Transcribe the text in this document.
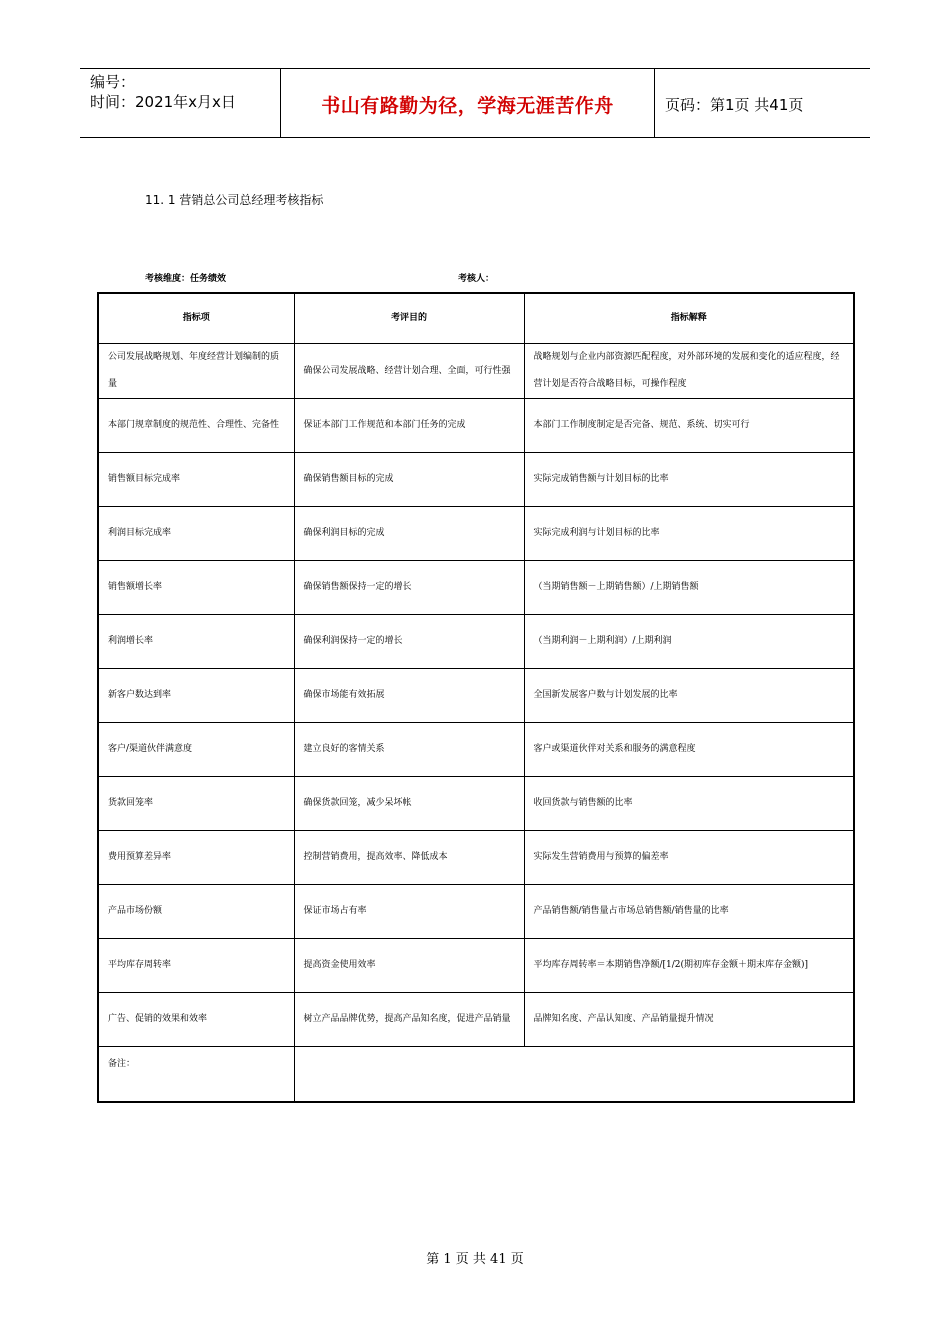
编号：
时间：2021年x月x日	书山有路勤为径，学海无涯苦作舟	页码：第1页 共41页
11. 1 营销总公司总经理考核指标
考核维度：任务绩效	考核人：
指标项	考评目的	指标解释
公司发展战略规划、年度经营计划编制的质量	确保公司发展战略、经营计划合理、全面，可行性强	战略规划与企业内部资源匹配程度，对外部环境的发展和变化的适应程度，经营计划是否符合战略目标，可操作程度
本部门规章制度的规范性、合理性、完备性	保证本部门工作规范和本部门任务的完成	本部门工作制度制定是否完备、规范、系统、切实可行
销售额目标完成率	确保销售额目标的完成	实际完成销售额与计划目标的比率
利润目标完成率	确保利润目标的完成	实际完成利润与计划目标的比率
销售额增长率	确保销售额保持一定的增长	（当期销售额－上期销售额）/上期销售额
利润增长率	确保利润保持一定的增长	（当期利润－上期利润）/上期利润
新客户数达到率	确保市场能有效拓展	全国新发展客户数与计划发展的比率
客户/渠道伙伴满意度	建立良好的客情关系	客户或渠道伙伴对关系和服务的满意程度
货款回笼率	确保货款回笼，减少呆坏帐	收回货款与销售额的比率
费用预算差异率	控制营销费用，提高效率、降低成本	实际发生营销费用与预算的偏差率
产品市场份额	保证市场占有率	产品销售额/销售量占市场总销售额/销售量的比率
平均库存周转率	提高资金使用效率	平均库存周转率＝本期销售净额/[1/2(期初库存金额＋期末库存金额)]
广告、促销的效果和效率	树立产品品牌优势，提高产品知名度，促进产品销量	品牌知名度、产品认知度、产品销量提升情况
备注：		
第 1 页 共 41 页
